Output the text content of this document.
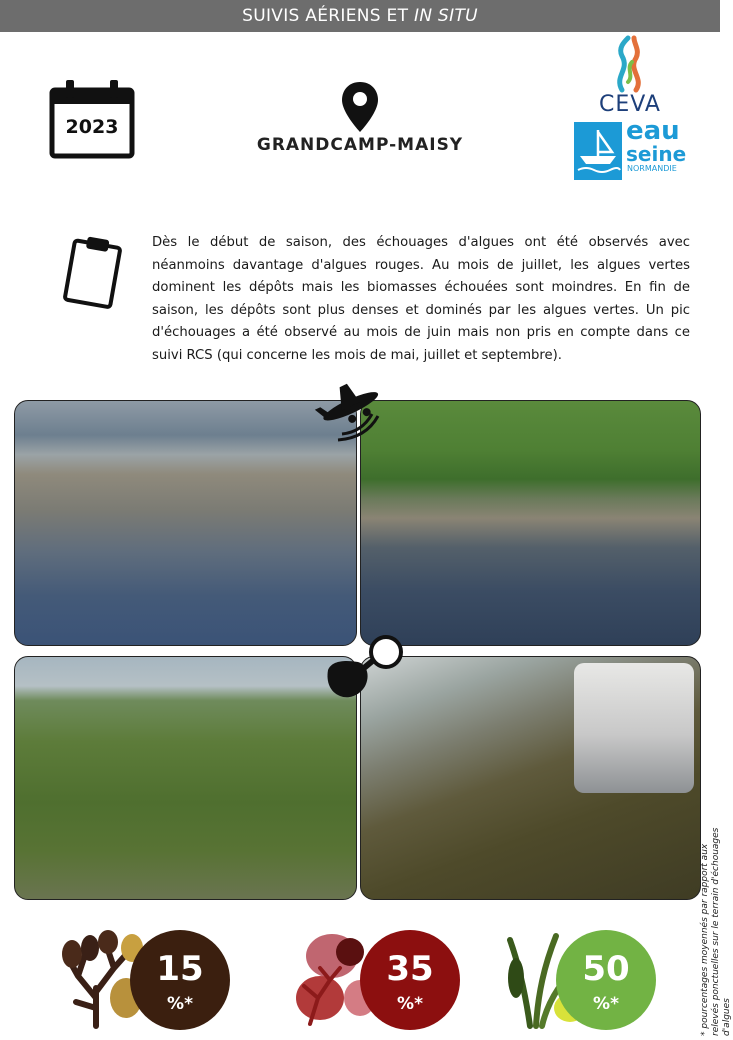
SUIVIS AÉRIENS ET IN SITU
2023
GRANDCAMP-MAISY
CEVA
eau
seine
NORMANDIE

Dès le début de saison, des échouages d'algues ont été observés avec néanmoins davantage d'algues rouges. Au mois de juillet, les algues vertes dominent les dépôts mais les biomasses échouées sont moindres. En fin de saison, les dépôts sont plus denses et dominés par les algues vertes. Un pic d'échouages a été observé au mois de juin mais non pris en compte dans ce suivi RCS (qui concerne les mois de mai, juillet et septembre).

15
%*
35
%*
50
%*	* pourcentages moyennés par rapport aux relevés ponctuelles sur le terrain d'échouages d'algues
